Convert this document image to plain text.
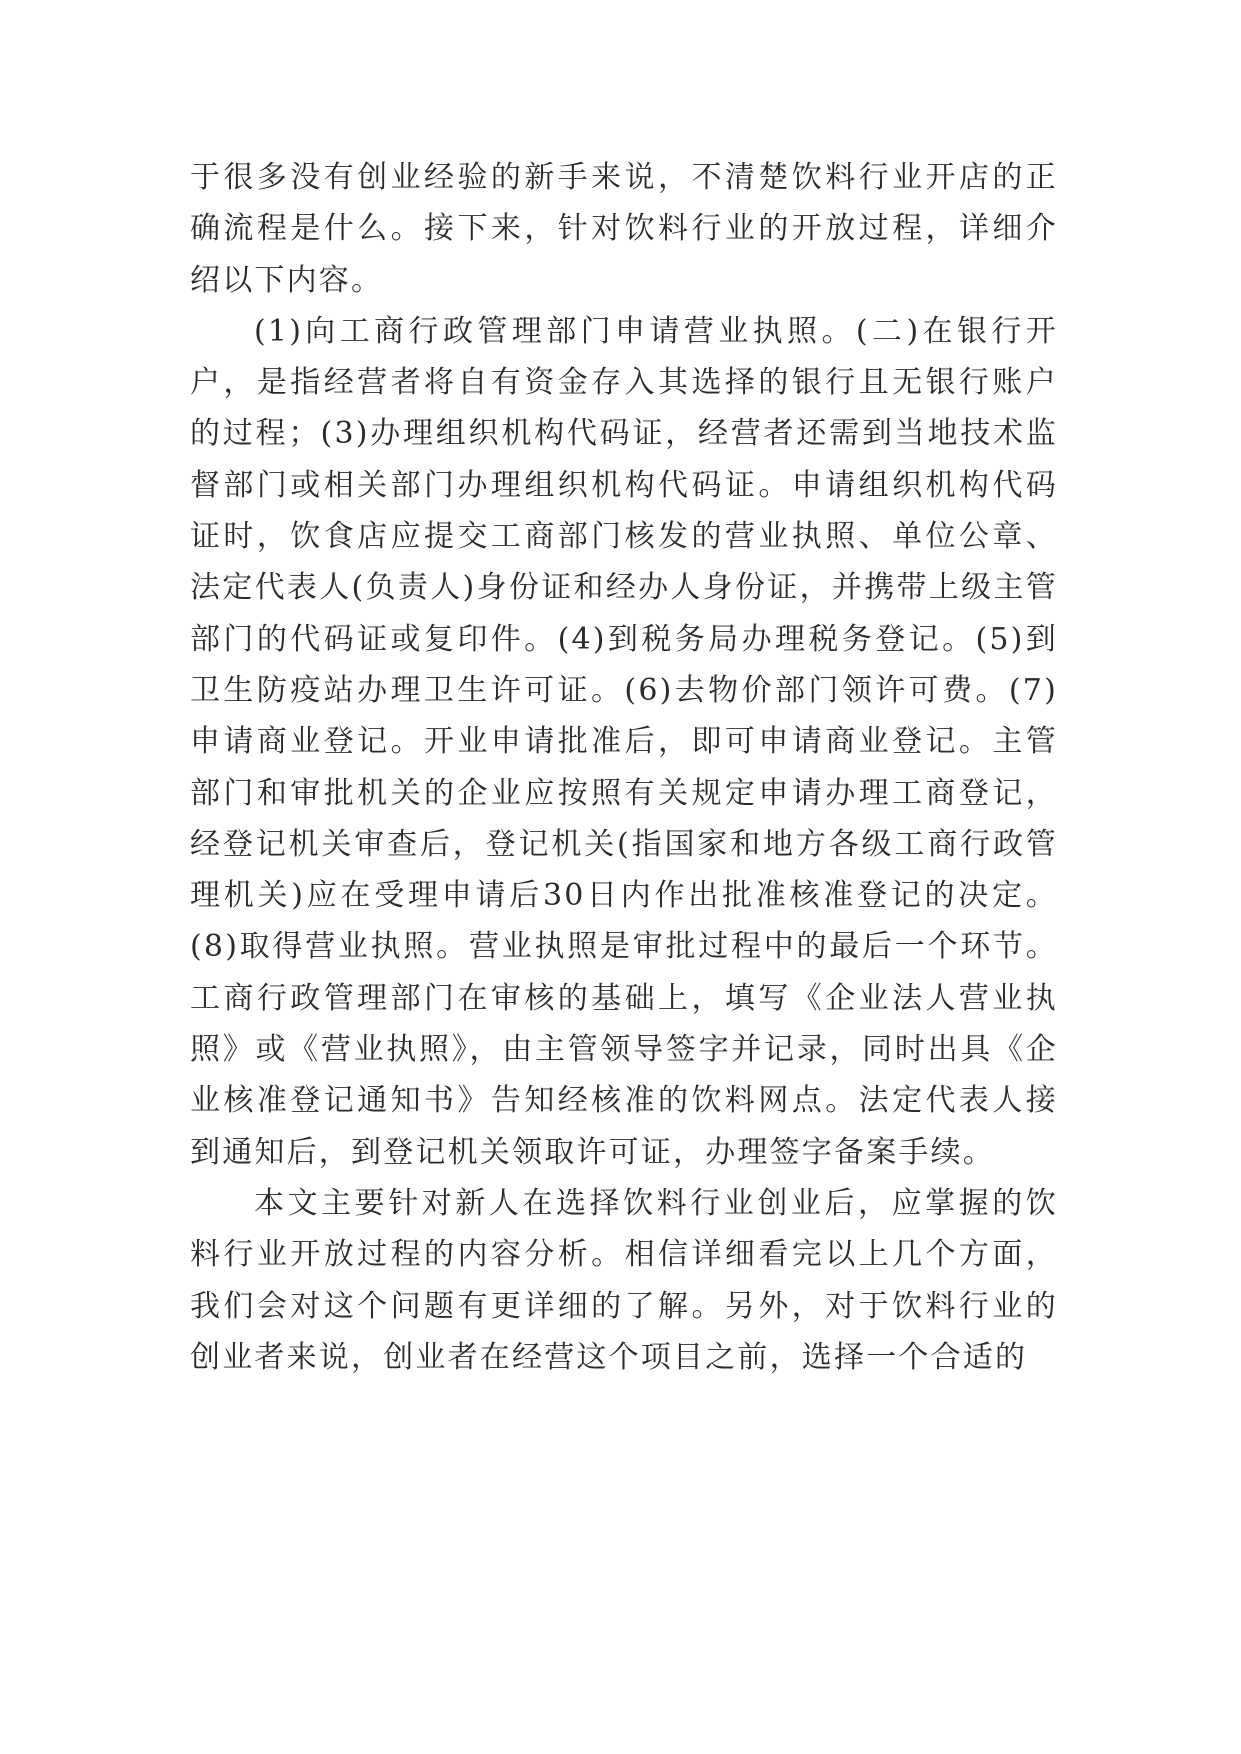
于很多没有创业经验的新手来说，不清楚饮料行业开店的正确流程是什么。接下来，针对饮料行业的开放过程，详细介绍以下内容。

(1)向工商行政管理部门申请营业执照。(二)在银行开户，是指经营者将自有资金存入其选择的银行且无银行账户的过程；(3)办理组织机构代码证，经营者还需到当地技术监督部门或相关部门办理组织机构代码证。申请组织机构代码证时，饮食店应提交工商部门核发的营业执照、单位公章、法定代表人(负责人)身份证和经办人身份证，并携带上级主管部门的代码证或复印件。(4)到税务局办理税务登记。(5)到卫生防疫站办理卫生许可证。(6)去物价部门领许可费。(7)申请商业登记。开业申请批准后，即可申请商业登记。主管部门和审批机关的企业应按照有关规定申请办理工商登记，经登记机关审查后，登记机关(指国家和地方各级工商行政管理机关)应在受理申请后30日内作出批准核准登记的决定。(8)取得营业执照。营业执照是审批过程中的最后一个环节。工商行政管理部门在审核的基础上，填写《企业法人营业执照》或《营业执照》，由主管领导签字并记录，同时出具《企业核准登记通知书》告知经核准的饮料网点。法定代表人接到通知后，到登记机关领取许可证，办理签字备案手续。

本文主要针对新人在选择饮料行业创业后，应掌握的饮料行业开放过程的内容分析。相信详细看完以上几个方面，我们会对这个问题有更详细的了解。另外，对于饮料行业的创业者来说，创业者在经营这个项目之前，选择一个合适的
